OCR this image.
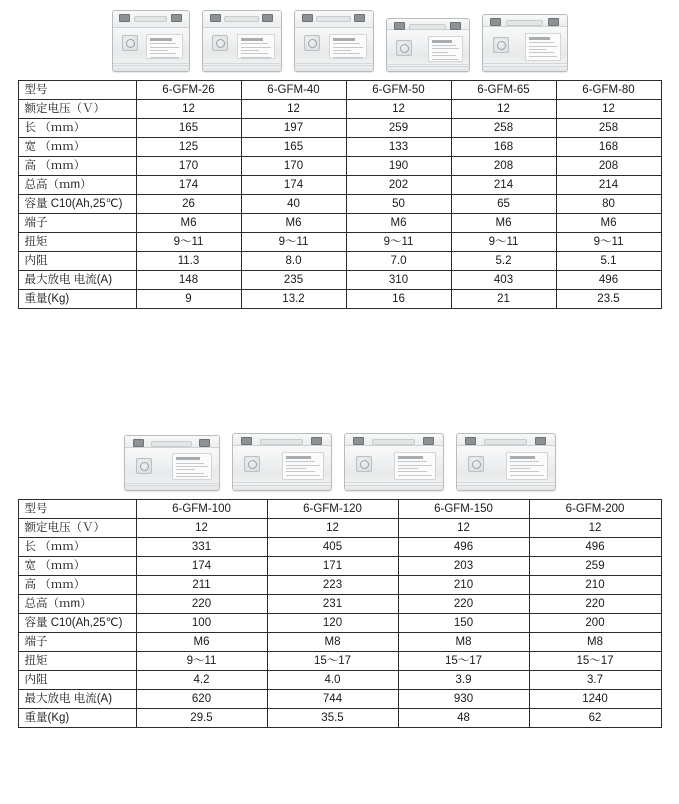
型号	6-GFM-26	6-GFM-40	6-GFM-50	6-GFM-65	6-GFM-80
额定电压（Ｖ）	12	12	12	12	12
长 （ｍｍ）	165	197	259	258	258
宽 （ｍｍ）	125	165	133	168	168
高 （ｍｍ）	170	170	190	208	208
总高（ｍm）	174	174	202	214	214
容量 C10(Ah,25℃)	26	40	50	65	80
端子	M6	M6	M6	M6	M6
扭矩	9～11	9～11	9～11	9～11	9～11
内阻	11.3	8.0	7.0	5.2	5.1
最大放电 电流(A)	148	235	310	403	496
重量(Kg)	9	13.2	16	21	23.5
型号	6-GFM-100	6-GFM-120	6-GFM-150	6-GFM-200
额定电压（Ｖ）	12	12	12	12
长 （ｍｍ）	331	405	496	496
宽 （ｍｍ）	174	171	203	259
高 （ｍｍ）	211	223	210	210
总高（ｍm）	220	231	220	220
容量 C10(Ah,25℃)	100	120	150	200
端子	M6	M8	M8	M8
扭矩	9～11	15～17	15～17	15～17
内阻	4.2	4.0	3.9	3.7
最大放电 电流(A)	620	744	930	1240
重量(Kg)	29.5	35.5	48	62
